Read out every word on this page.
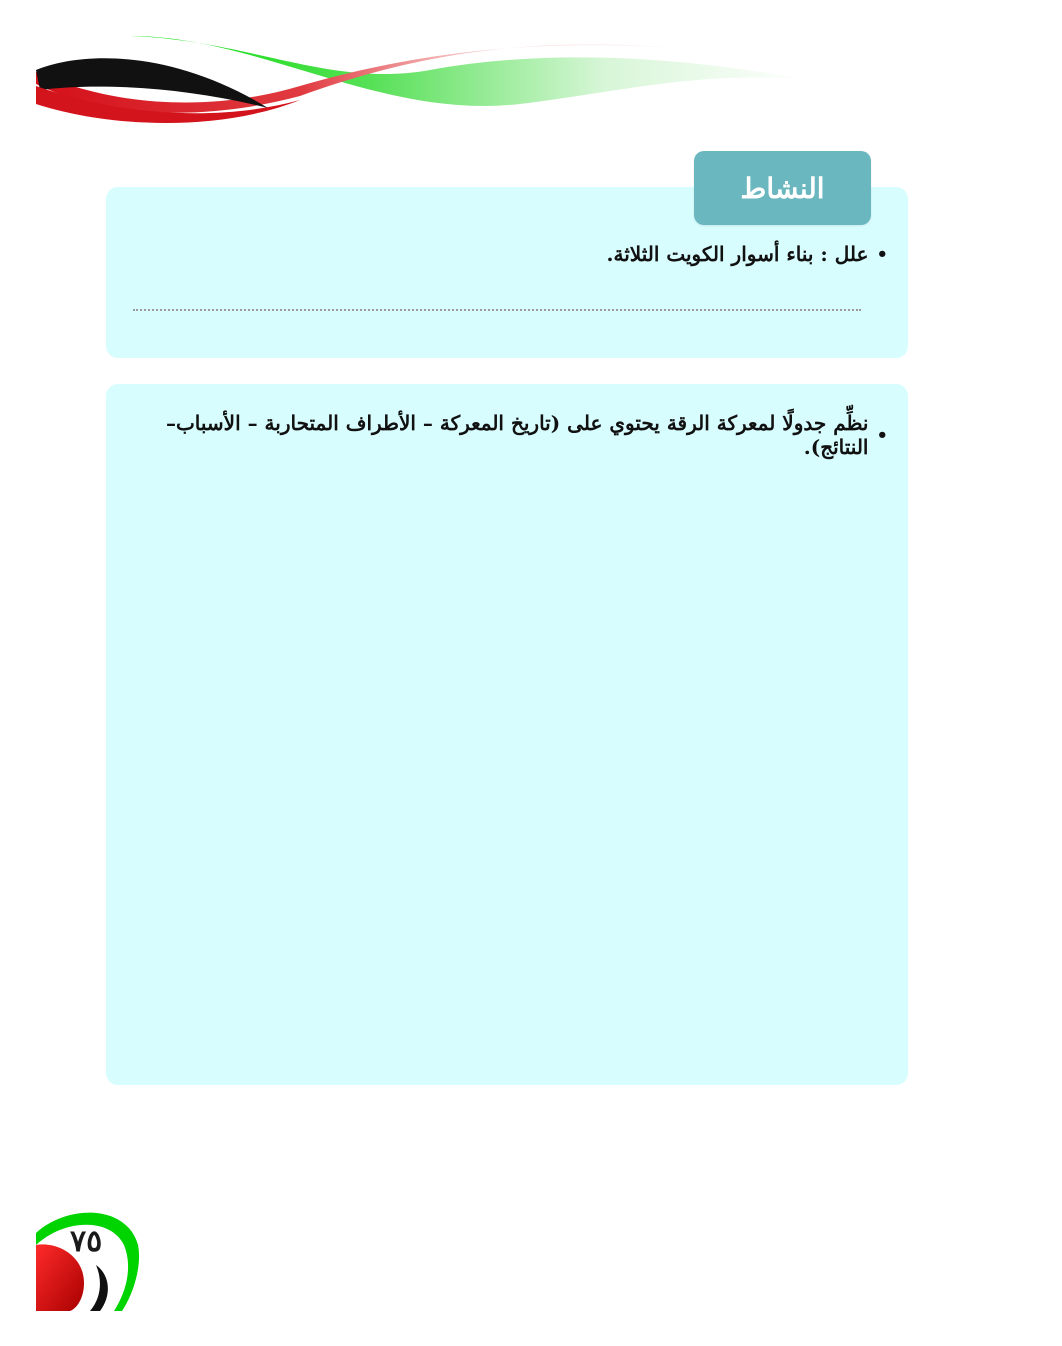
•
علل : بناء أسوار الكويت الثلاثة.
النشاط
•
نظِّم جدولًا لمعركة الرقة يحتوي على (تاريخ المعركة – الأطراف المتحاربة – الأسباب–النتائج).
٧٥
